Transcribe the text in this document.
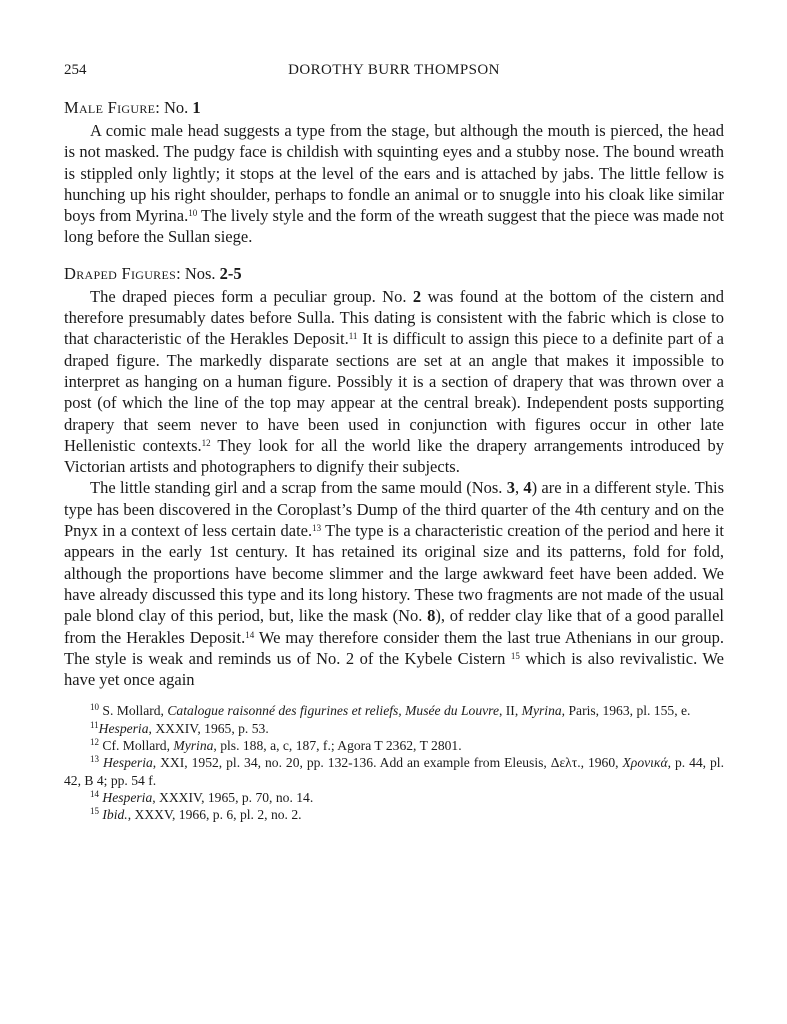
254	DOROTHY BURR THOMPSON
Male Figure: No. 1

A comic male head suggests a type from the stage, but although the mouth is pierced, the head is not masked. The pudgy face is childish with squinting eyes and a stubby nose. The bound wreath is stippled only lightly; it stops at the level of the ears and is attached by jabs. The little fellow is hunching up his right shoulder, perhaps to fondle an animal or to snuggle into his cloak like similar boys from Myrina.$^{10}$ The lively style and the form of the wreath suggest that the piece was made not long before the Sullan siege.

Draped Figures: Nos. 2-5

The draped pieces form a peculiar group. No. 2 was found at the bottom of the cistern and therefore presumably dates before Sulla. This dating is consistent with the fabric which is close to that characteristic of the Herakles Deposit.$^{11}$ It is difficult to assign this piece to a definite part of a draped figure. The markedly disparate sections are set at an angle that makes it impossible to interpret as hanging on a human figure. Possibly it is a section of drapery that was thrown over a post (of which the line of the top may appear at the central break). Independent posts supporting drapery that seem never to have been used in conjunction with figures occur in other late Hellenistic contexts.$^{12}$ They look for all the world like the drapery arrangements introduced by Victorian artists and photographers to dignify their subjects.

The little standing girl and a scrap from the same mould (Nos. 3, 4) are in a different style. This type has been discovered in the Coroplast’s Dump of the third quarter of the 4th century and on the Pnyx in a context of less certain date.$^{13}$ The type is a characteristic creation of the period and here it appears in the early 1st century. It has retained its original size and its patterns, fold for fold, although the proportions have become slimmer and the large awkward feet have been added. We have already discussed this type and its long history. These two fragments are not made of the usual pale blond clay of this period, but, like the mask (No. 8), of redder clay like that of a good parallel from the Herakles Deposit.$^{14}$ We may therefore consider them the last true Athenians in our group. The style is weak and reminds us of No. 2 of the Kybele Cistern $^{15}$ which is also revivalistic. We have yet once again

$^{10}$ S. Mollard, Catalogue raisonné des figurines et reliefs, Musée du Louvre, II, Myrina, Paris, 1963, pl. 155, e.

$^{11}$Hesperia, XXXIV, 1965, p. 53.

$^{12}$ Cf. Mollard, Myrina, pls. 188, a, c, 187, f.; Agora T 2362, T 2801.

$^{13}$ Hesperia, XXI, 1952, pl. 34, no. 20, pp. 132-136. Add an example from Eleusis, Δελτ., 1960, Χρονικά, p. 44, pl. 42, B 4; pp. 54 f.

$^{14}$ Hesperia, XXXIV, 1965, p. 70, no. 14.

$^{15}$ Ibid., XXXV, 1966, p. 6, pl. 2, no. 2.
